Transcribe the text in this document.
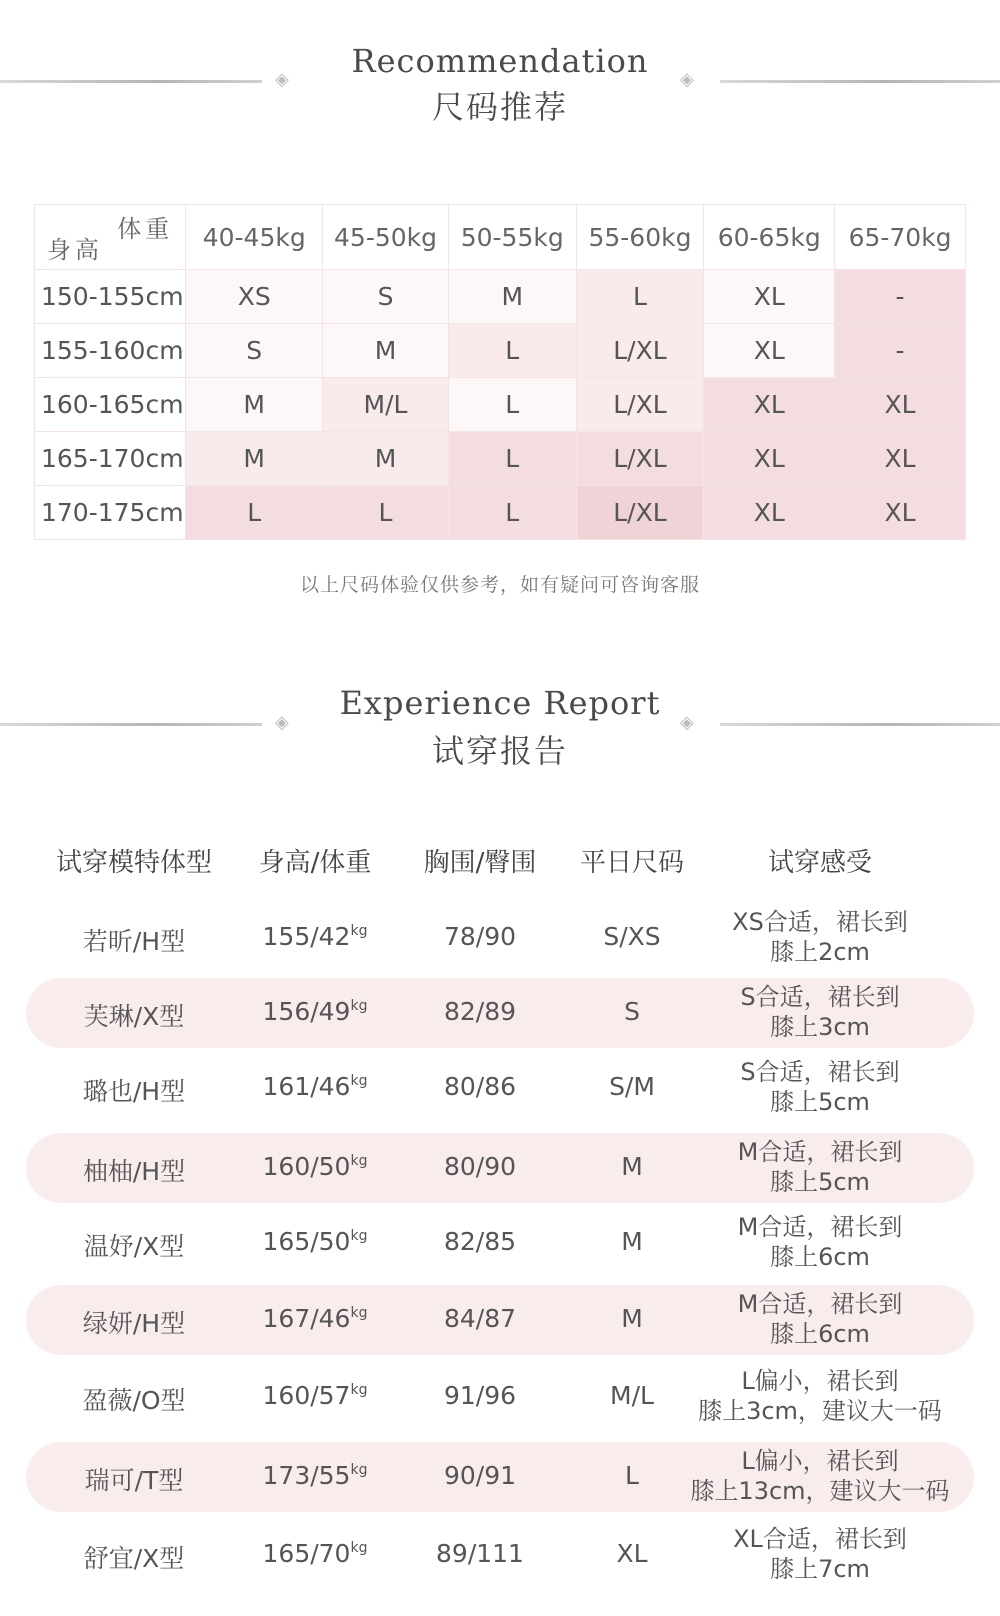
◈	Recommendation
尺码推荐
◈
体重
身高	40-45kg	45-50kg	50-55kg	55-60kg	60-65kg	65-70kg
150-155cm	XS	S	M	L	XL	-
155-160cm	S	M	L	L/XL	XL	-
160-165cm	M	M/L	L	L/XL	XL	XL
165-170cm	M	M	L	L/XL	XL	XL
170-175cm	L	L	L	L/XL	XL	XL
以上尺码体验仅供参考，如有疑问可咨询客服
◈
Experience Report
试穿报告
◈
试穿模特体型	身高/体重	胸围/臀围	平日尺码	试穿感受
若昕/H型	$155/42^{kg}$	78/90	S/XS	XS合适，裙长到
膝上2cm
芙琳/X型	$156/49^{kg}$	82/89	S	S合适，裙长到
膝上3cm
璐也/H型	$161/46^{kg}$	80/86	S/M	S合适，裙长到
膝上5cm
柚柚/H型	$160/50^{kg}$	80/90	M	M合适，裙长到
膝上5cm
温妤/X型	$165/50^{kg}$	82/85	M	M合适，裙长到
膝上6cm
绿妍/H型	$167/46^{kg}$	84/87	M	M合适，裙长到
膝上6cm
盈薇/O型	$160/57^{kg}$	91/96	M/L	L偏小，裙长到
膝上3cm，建议大一码
瑞可/T型	$173/55^{kg}$	90/91	L	L偏小，裙长到
膝上13cm，建议大一码
舒宜/X型	$165/70^{kg}$	89/111	XL	XL合适，裙长到
膝上7cm
